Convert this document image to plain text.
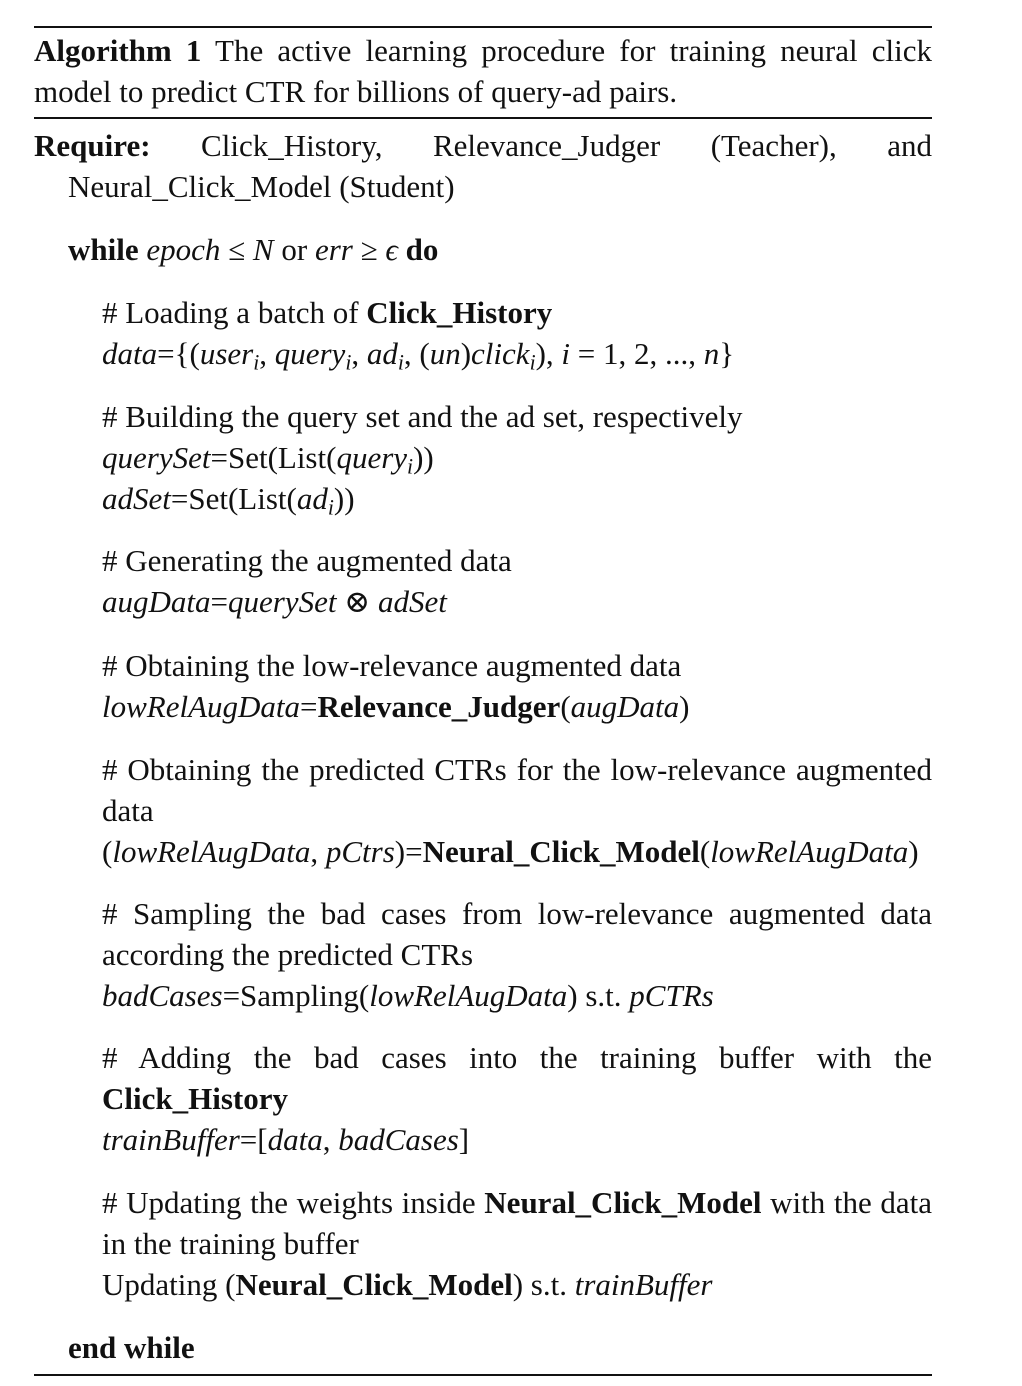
Algorithm 1 The active learning procedure for training neural click model to predict CTR for billions of query-ad pairs.
Require: Click_History, Relevance_Judger (Teacher), and Neural_Click_Model (Student)
while epoch ≤ N or err ≥ ϵ do
# Loading a batch of Click_History
data={(user$_i$, query$_i$, $ad_i$, (un)click$_i$), i = 1, 2, ..., n}
# Building the query set and the ad set, respectively
querySet=Set(List(query$_i$))
$adSet=Set(List(ad_i))$
# Generating the augmented data
augData=querySet ⊗ adSet
# Obtaining the low-relevance augmented data
lowRelAugData=Relevance_Judger(augData)
# Obtaining the predicted CTRs for the low-relevance augmented data
(lowRelAugData, pCtrs)=Neural_Click_Model(lowRelAugData)
# Sampling the bad cases from low-relevance augmented data according the predicted CTRs
badCases=Sampling(lowRelAugData) s.t. pCTRs
# Adding the bad cases into the training buffer with the Click_History
trainBuffer=[data, badCases]
# Updating the weights inside Neural_Click_Model with the data in the training buffer
Updating (Neural_Click_Model) s.t. trainBuffer
end while
